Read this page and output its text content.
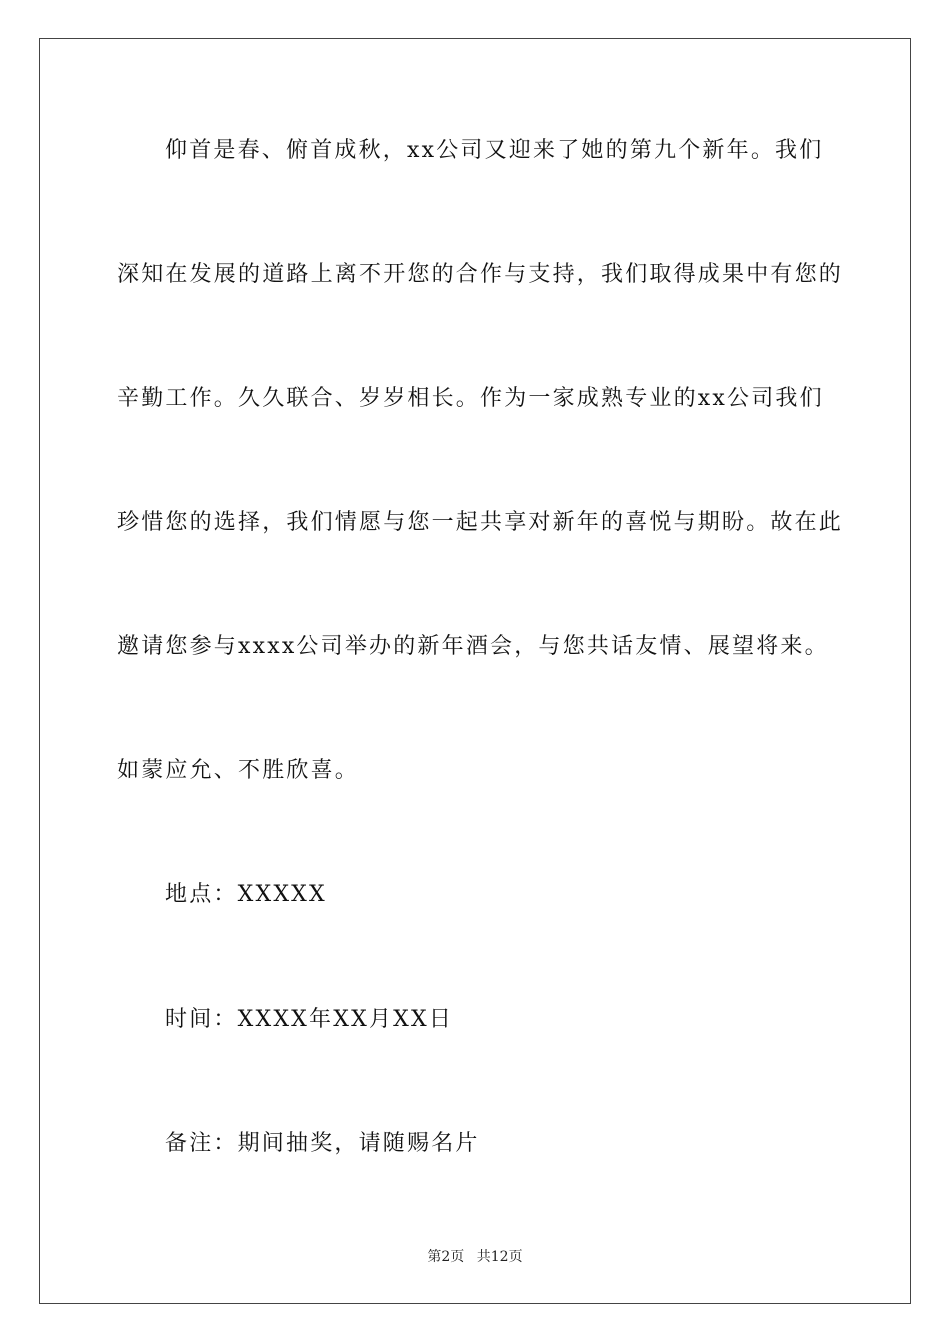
仰首是春、俯首成秋，xx公司又迎来了她的第九个新年。我们
深知在发展的道路上离不开您的合作与支持，我们取得成果中有您的
辛勤工作。久久联合、岁岁相长。作为一家成熟专业的xx公司我们
珍惜您的选择，我们情愿与您一起共享对新年的喜悦与期盼。故在此
邀请您参与xxxx公司举办的新年酒会，与您共话友情、展望将来。
如蒙应允、不胜欣喜。
地点：XXXXX
时间：XXXX年XX月XX日
备注：期间抽奖，请随赐名片
第2页 共12页
